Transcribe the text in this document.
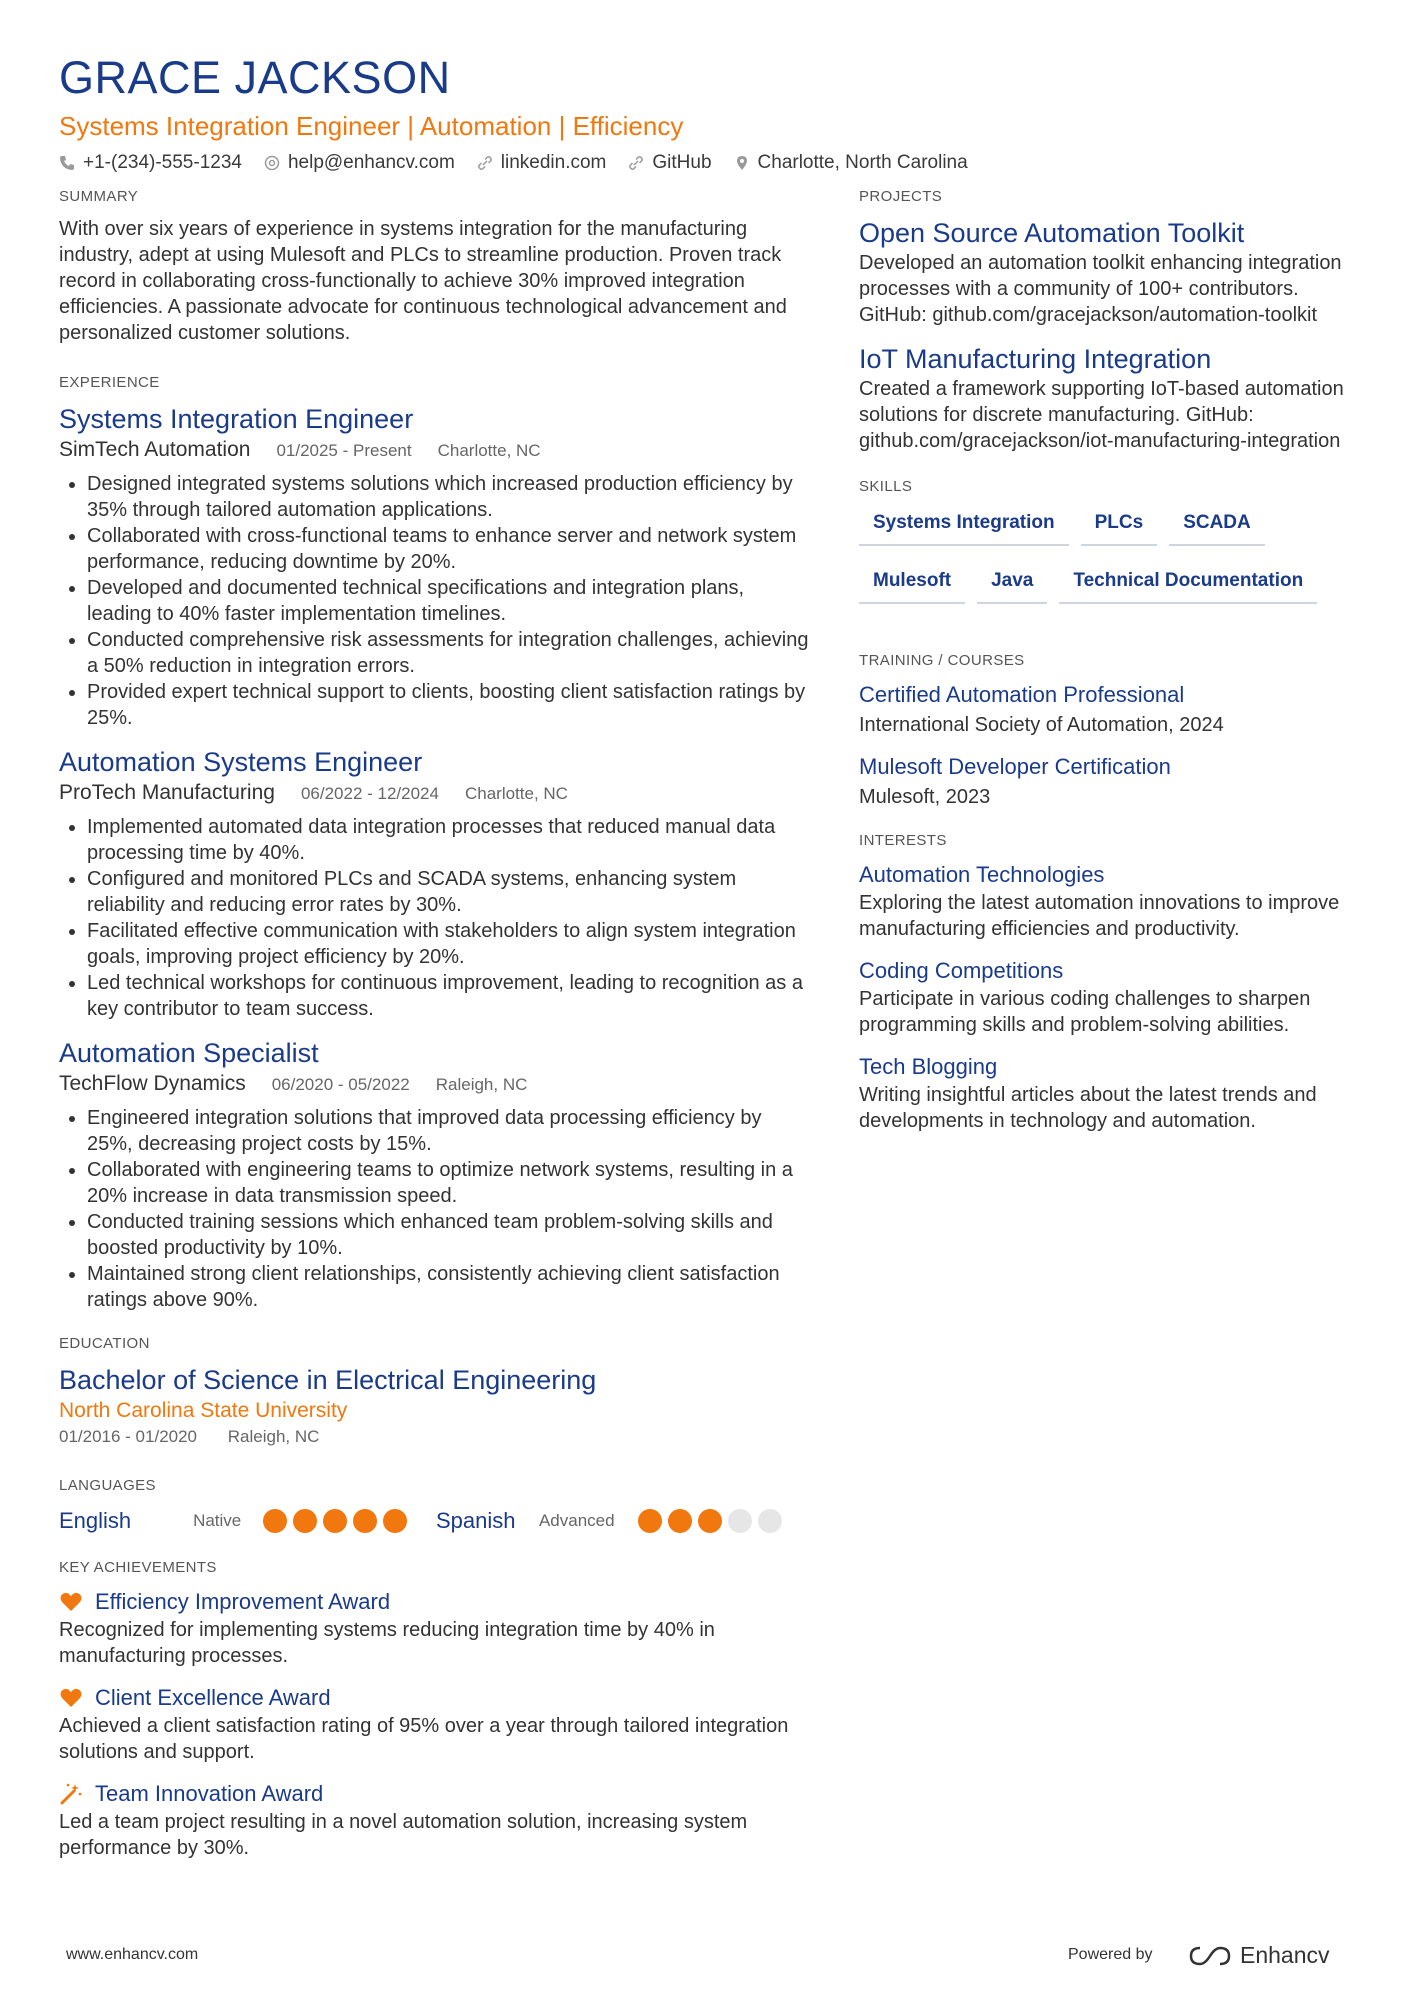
GRACE JACKSON
Systems Integration Engineer | Automation | Efficiency
+1-(234)-555-1234 help@enhancv.com linkedin.com GitHub Charlotte, North Carolina
SUMMARY

With over six years of experience in systems integration for the manufacturing industry, adept at using Mulesoft and PLCs to streamline production. Proven track record in collaborating cross-functionally to achieve 30% improved integration efficiencies. A passionate advocate for continuous technological advancement and personalized customer solutions.

EXPERIENCE
Systems Integration Engineer
SimTech Automation 01/2025 - Present Charlotte, NC
• Designed integrated systems solutions which increased production efficiency by 35% through tailored automation applications.
• Collaborated with cross-functional teams to enhance server and network system performance, reducing downtime by 20%.
• Developed and documented technical specifications and integration plans, leading to 40% faster implementation timelines.
• Conducted comprehensive risk assessments for integration challenges, achieving a 50% reduction in integration errors.
• Provided expert technical support to clients, boosting client satisfaction ratings by 25%.
Automation Systems Engineer
ProTech Manufacturing 06/2022 - 12/2024 Charlotte, NC
• Implemented automated data integration processes that reduced manual data processing time by 40%.
• Configured and monitored PLCs and SCADA systems, enhancing system reliability and reducing error rates by 30%.
• Facilitated effective communication with stakeholders to align system integration goals, improving project efficiency by 20%.
• Led technical workshops for continuous improvement, leading to recognition as a key contributor to team success.
Automation Specialist
TechFlow Dynamics 06/2020 - 05/2022 Raleigh, NC
• Engineered integration solutions that improved data processing efficiency by 25%, decreasing project costs by 15%.
• Collaborated with engineering teams to optimize network systems, resulting in a 20% increase in data transmission speed.
• Conducted training sessions which enhanced team problem-solving skills and boosted productivity by 10%.
• Maintained strong client relationships, consistently achieving client satisfaction ratings above 90%.
EDUCATION
Bachelor of Science in Electrical Engineering
North Carolina State University
01/2016 - 01/2020 Raleigh, NC
LANGUAGES
English	Native	Spanish	Advanced
KEY ACHIEVEMENTS
Efficiency Improvement Award

Recognized for implementing systems reducing integration time by 40% in manufacturing processes.

Client Excellence Award

Achieved a client satisfaction rating of 95% over a year through tailored integration solutions and support.

Team Innovation Award

Led a team project resulting in a novel automation solution, increasing system performance by 30%.

PROJECTS
Open Source Automation Toolkit

Developed an automation toolkit enhancing integration processes with a community of 100+ contributors. GitHub: github.com/gracejackson/automation-toolkit

IoT Manufacturing Integration

Created a framework supporting IoT-based automation solutions for discrete manufacturing. GitHub: github.com/gracejackson/iot-manufacturing-integration

SKILLS
Systems Integration	PLCs	SCADA
Mulesoft	Java	Technical Documentation
TRAINING / COURSES
Certified Automation Professional
International Society of Automation, 2024
Mulesoft Developer Certification
Mulesoft, 2023
INTERESTS
Automation Technologies

Exploring the latest automation innovations to improve manufacturing efficiencies and productivity.

Coding Competitions

Participate in various coding challenges to sharpen programming skills and problem-solving abilities.

Tech Blogging

Writing insightful articles about the latest trends and developments in technology and automation.

www.enhancv.com	Powered by	Enhancv
